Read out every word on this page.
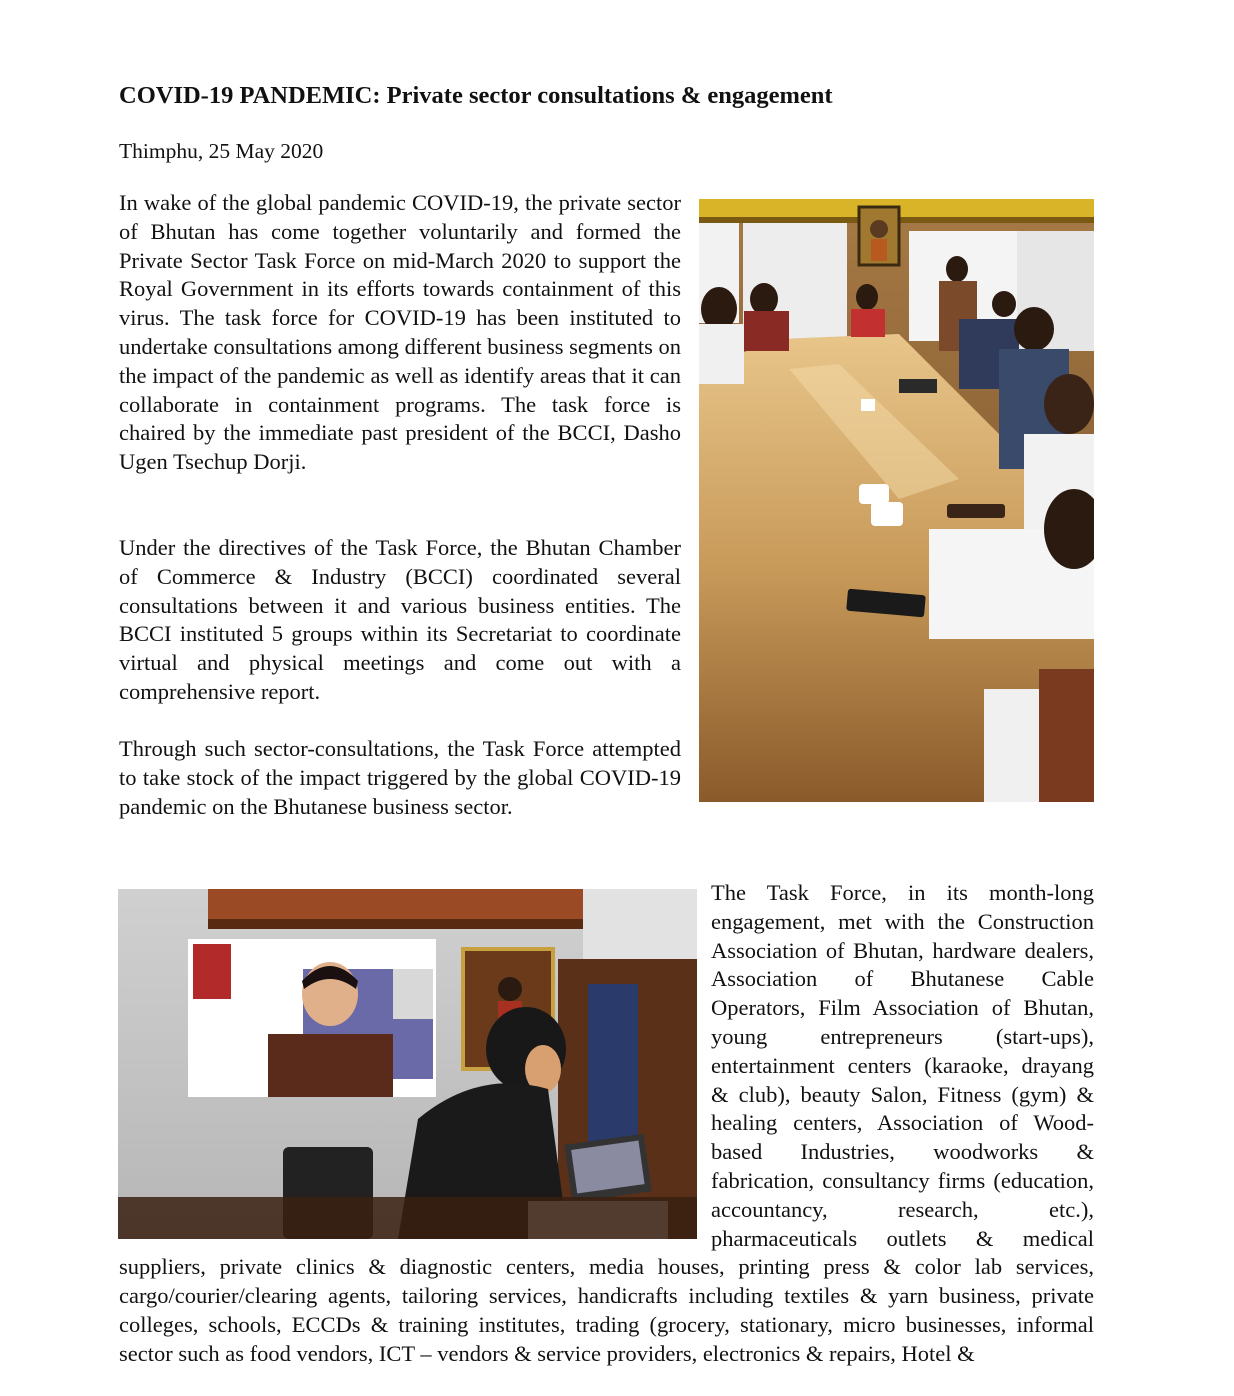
COVID-19 PANDEMIC: Private sector consultations & engagement
Thimphu, 25 May 2020

In wake of the global pandemic COVID-19, the private sector of Bhutan has come together voluntarily and formed the Private Sector Task Force on mid-March 2020 to support the Royal Government in its efforts towards containment of this virus. The task force for COVID-19 has been instituted to undertake consultations among different business segments on the impact of the pandemic as well as identify areas that it can collaborate in containment programs. The task force is chaired by the immediate past president of the BCCI, Dasho Ugen Tsechup Dorji.

Under the directives of the Task Force, the Bhutan Chamber of Commerce & Industry (BCCI) coordinated several consultations between it and various business entities. The BCCI instituted 5 groups within its Secretariat to coordinate virtual and physical meetings and come out with a comprehensive report.

Through such sector-consultations, the Task Force attempted to take stock of the impact triggered by the global COVID-19 pandemic on the Bhutanese business sector.

The Task Force, in its month-long engagement, met with the Construction Association of Bhutan, hardware dealers, Association of Bhutanese Cable Operators, Film Association of Bhutan, young entrepreneurs (start-ups), entertainment centers (karaoke, drayang & club), beauty Salon, Fitness (gym) & healing centers, Association of Wood-based Industries, woodworks & fabrication, consultancy firms (education, accountancy, research, etc.), pharmaceuticals outlets & medical suppliers, private clinics & diagnostic centers, media houses, printing press & color lab services, cargo/courier/clearing agents, tailoring services, handicrafts including textiles & yarn business, private colleges, schools, ECCDs & training institutes, trading (grocery, stationary, micro businesses, informal sector such as food vendors, ICT – vendors & service providers, electronics & repairs, Hotel &
